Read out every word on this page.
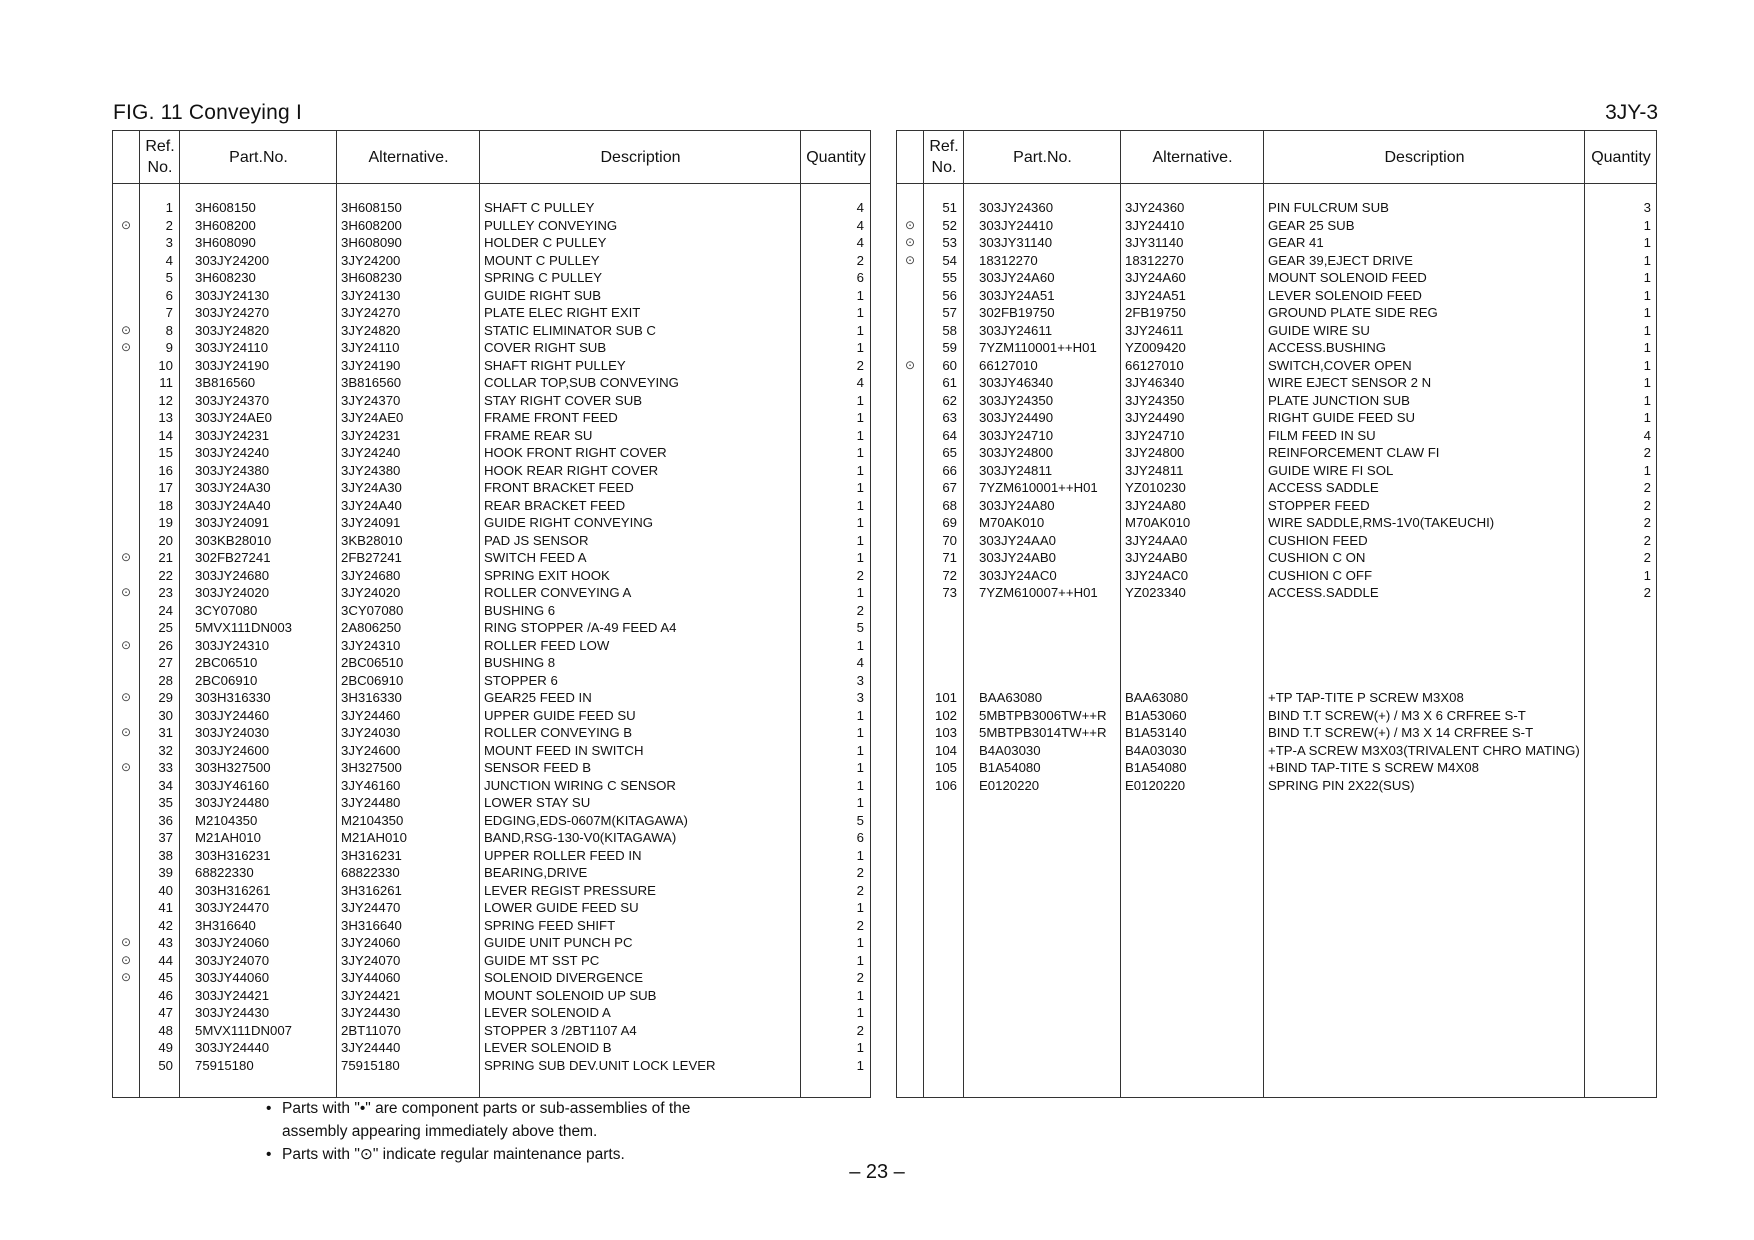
FIG. 11 Conveying I	3JY-3
Ref. No.
Part.No.	Alternative.	Description	Quantity
1 3H608150	3H608150	SHAFT C PULLEY	4
⊙	2 3H608200	3H608200	PULLEY CONVEYING	4
3 3H608090	3H608090	HOLDER C PULLEY	4
4 303JY24200	3JY24200	MOUNT C PULLEY	2
5 3H608230	3H608230	SPRING C PULLEY	6
6 303JY24130	3JY24130	GUIDE RIGHT SUB	1
7 303JY24270	3JY24270	PLATE ELEC RIGHT EXIT	1
⊙	8 303JY24820	3JY24820	STATIC ELIMINATOR SUB C	1
⊙	9 303JY24110	3JY24110	COVER RIGHT SUB	1
10 303JY24190	3JY24190	SHAFT RIGHT PULLEY	2
11 3B816560	3B816560	COLLAR TOP,SUB CONVEYING	4
12 303JY24370	3JY24370	STAY RIGHT COVER SUB	1
13 303JY24AE0	3JY24AE0	FRAME FRONT FEED	1
14 303JY24231	3JY24231	FRAME REAR SU	1
15 303JY24240	3JY24240	HOOK FRONT RIGHT COVER	1
16 303JY24380	3JY24380	HOOK REAR RIGHT COVER	1
17 303JY24A30	3JY24A30	FRONT BRACKET FEED	1
18 303JY24A40	3JY24A40	REAR BRACKET FEED	1
19 303JY24091	3JY24091	GUIDE RIGHT CONVEYING	1
20 303KB28010	3KB28010	PAD JS SENSOR	1
⊙	21 302FB27241	2FB27241	SWITCH FEED A	1
22 303JY24680	3JY24680	SPRING EXIT HOOK	2
⊙	23 303JY24020	3JY24020	ROLLER CONVEYING A	1
24 3CY07080	3CY07080	BUSHING 6	2
25 5MVX111DN003	2A806250	RING STOPPER /A-49 FEED A4	5
⊙	26 303JY24310	3JY24310	ROLLER FEED LOW	1
27 2BC06510	2BC06510	BUSHING 8	4
28 2BC06910	2BC06910	STOPPER 6	3
⊙	29 303H316330	3H316330	GEAR25 FEED IN	3
30 303JY24460	3JY24460	UPPER GUIDE FEED SU	1
⊙	31 303JY24030	3JY24030	ROLLER CONVEYING B	1
32 303JY24600	3JY24600	MOUNT FEED IN SWITCH	1
⊙	33 303H327500	3H327500	SENSOR FEED B	1
34 303JY46160	3JY46160	JUNCTION WIRING C SENSOR	1
35 303JY24480	3JY24480	LOWER STAY SU	1
36 M2104350	M2104350	EDGING,EDS-0607M(KITAGAWA)	5
37 M21AH010	M21AH010	BAND,RSG-130-V0(KITAGAWA)	6
38 303H316231	3H316231	UPPER ROLLER FEED IN	1
39 68822330	68822330	BEARING,DRIVE	2
40 303H316261	3H316261	LEVER REGIST PRESSURE	2
41 303JY24470	3JY24470	LOWER GUIDE FEED SU	1
42 3H316640	3H316640	SPRING FEED SHIFT	2
⊙	43 303JY24060	3JY24060	GUIDE UNIT PUNCH PC	1
⊙	44 303JY24070	3JY24070	GUIDE MT SST PC	1
⊙	45 303JY44060	3JY44060	SOLENOID DIVERGENCE	2
46 303JY24421	3JY24421	MOUNT SOLENOID UP SUB	1
47 303JY24430	3JY24430	LEVER SOLENOID A	1
48 5MVX111DN007	2BT11070	STOPPER 3 /2BT1107 A4	2
49 303JY24440	3JY24440	LEVER SOLENOID B	1
50 75915180	75915180	SPRING SUB DEV.UNIT LOCK LEVER	1
Ref. No.
Part.No.	Alternative.	Description	Quantity
51 303JY24360	3JY24360	PIN FULCRUM SUB	3
⊙	52 303JY24410	3JY24410	GEAR 25 SUB	1
⊙	53 303JY31140	3JY31140	GEAR 41	1
⊙	54 18312270	18312270	GEAR 39,EJECT DRIVE	1
55 303JY24A60	3JY24A60	MOUNT SOLENOID FEED	1
56 303JY24A51	3JY24A51	LEVER SOLENOID FEED	1
57 302FB19750	2FB19750	GROUND PLATE SIDE REG	1
58 303JY24611	3JY24611	GUIDE WIRE SU	1
59 7YZM110001++H01 YZ009420	ACCESS.BUSHING	1
⊙	60 66127010	66127010	SWITCH,COVER OPEN	1
61 303JY46340	3JY46340	WIRE EJECT SENSOR 2 N	1
62 303JY24350	3JY24350	PLATE JUNCTION SUB	1
63 303JY24490	3JY24490	RIGHT GUIDE FEED SU	1
64 303JY24710	3JY24710	FILM FEED IN SU	4
65 303JY24800	3JY24800	REINFORCEMENT CLAW FI	2
66 303JY24811	3JY24811	GUIDE WIRE FI SOL	1
67 7YZM610001++H01 YZ010230	ACCESS SADDLE	2
68 303JY24A80	3JY24A80	STOPPER FEED	2
69 M70AK010	M70AK010	WIRE SADDLE,RMS-1V0(TAKEUCHI)	2
70 303JY24AA0	3JY24AA0	CUSHION FEED	2
71 303JY24AB0	3JY24AB0	CUSHION C ON	2
72 303JY24AC0	3JY24AC0	CUSHION C OFF	1
73 7YZM610007++H01 YZ023340	ACCESS.SADDLE	2
101 BAA63080	BAA63080	+TP TAP-TITE P SCREW M3X08
102 5MBTPB3006TW++R B1A53060	BIND T.T SCREW(+) / M3 X 6 CRFREE S-T
103 5MBTPB3014TW++R B1A53140	BIND T.T SCREW(+) / M3 X 14 CRFREE S-T
104 B4A03030	B4A03030	+TP-A SCREW M3X03(TRIVALENT CHRO MATING)
105 B1A54080	B1A54080	+BIND TAP-TITE S SCREW M4X08
106 E0120220	E0120220	SPRING PIN 2X22(SUS)
• Parts with "•" are component parts or sub-assemblies of the
assembly appearing immediately above them.
• Parts with "⊙" indicate regular maintenance parts.
– 23 –
